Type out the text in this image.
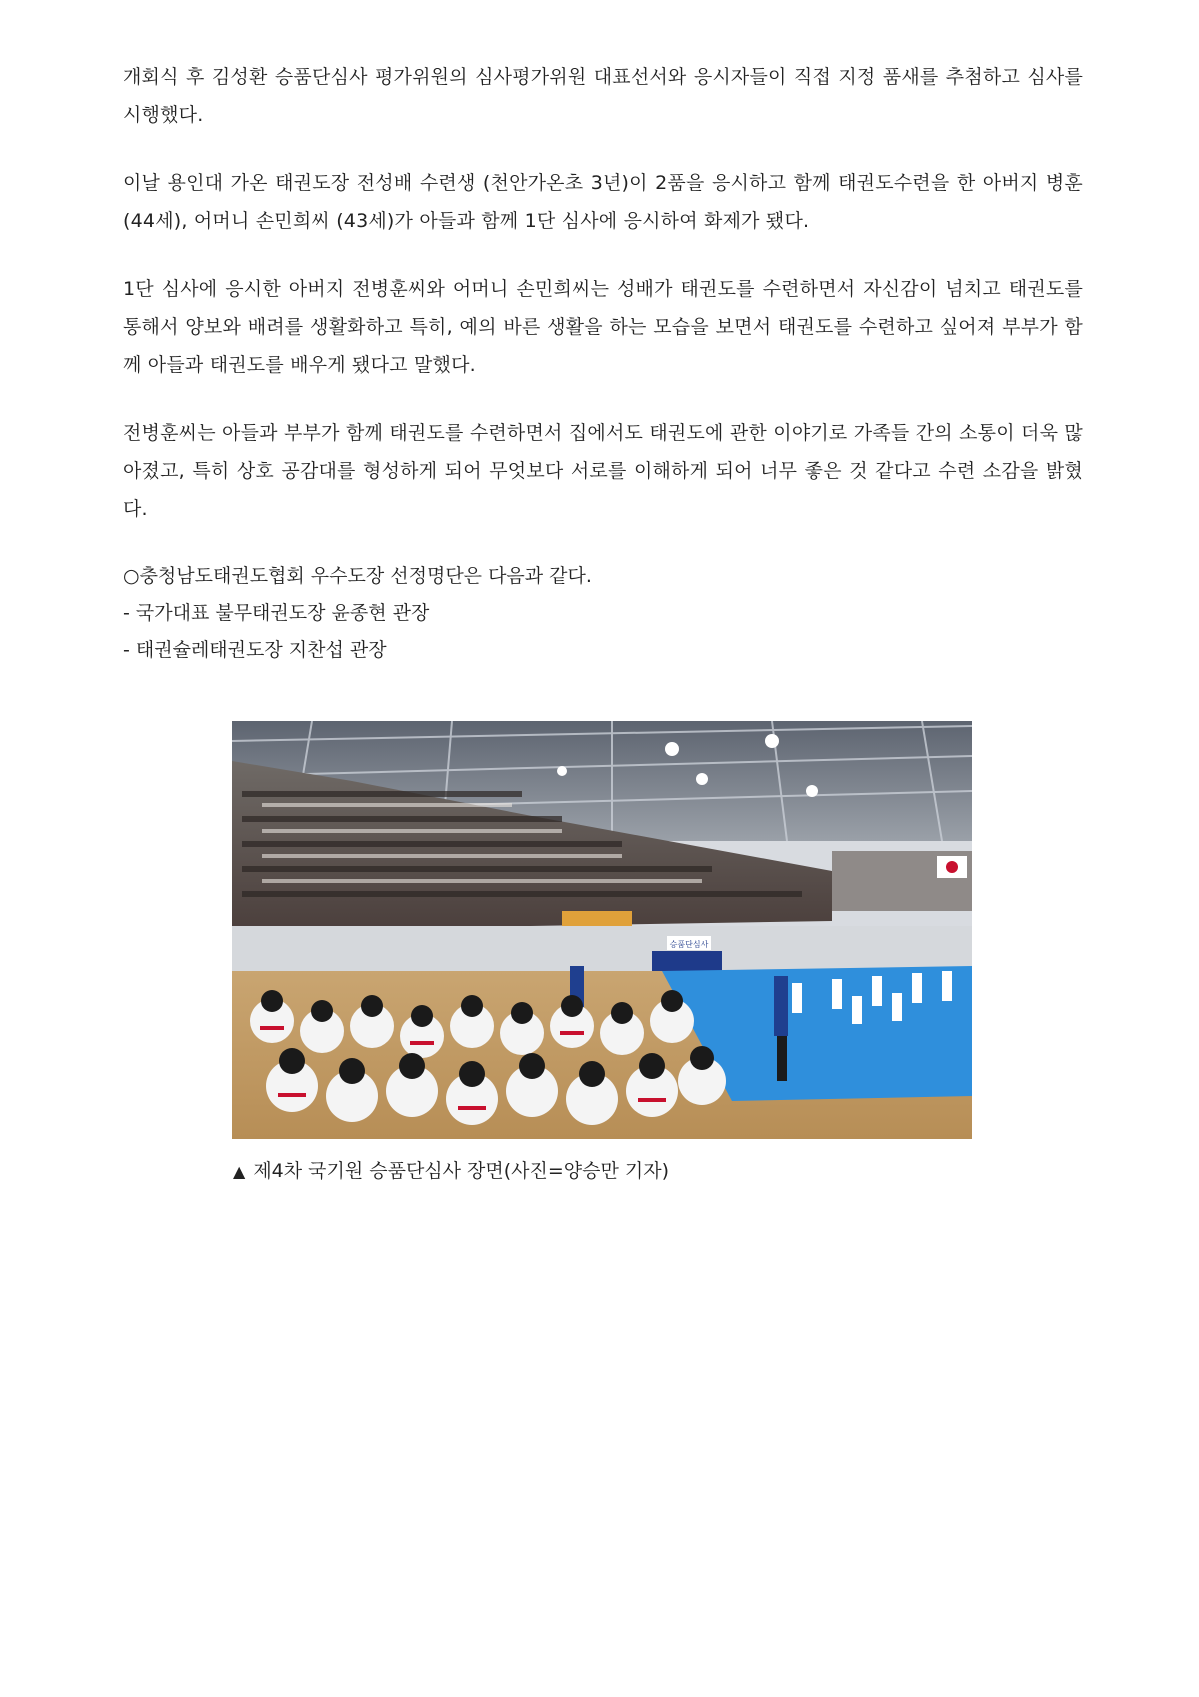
개회식 후 김성환 승품단심사 평가위원의 심사평가위원 대표선서와 응시자들이 직접 지정 품새를 추첨하고 심사를 시행했다.

이날 용인대 가온 태권도장 전성배 수련생 (천안가온초 3년)이 2품을 응시하고 함께 태권도수련을 한 아버지 병훈(44세), 어머니 손민희씨 (43세)가 아들과 함께 1단 심사에 응시하여 화제가 됐다.

1단 심사에 응시한 아버지 전병훈씨와 어머니 손민희씨는 성배가 태권도를 수련하면서 자신감이 넘치고 태권도를 통해서 양보와 배려를 생활화하고 특히, 예의 바른 생활을 하는 모습을 보면서 태권도를 수련하고 싶어져 부부가 함께 아들과 태권도를 배우게 됐다고 말했다.

전병훈씨는 아들과 부부가 함께 태권도를 수련하면서 집에서도 태권도에 관한 이야기로 가족들 간의 소통이 더욱 많아졌고, 특히 상호 공감대를 형성하게 되어 무엇보다 서로를 이해하게 되어 너무 좋은 것 같다고 수련 소감을 밝혔다.

○충청남도태권도협회 우수도장 선정명단은 다음과 같다.
- 국가대표 불무태권도장 윤종현 관장
- 태권슐레태권도장 지찬섭 관장
승품단심사
▲ 제4차 국기원 승품단심사 장면(사진=양승만 기자)
